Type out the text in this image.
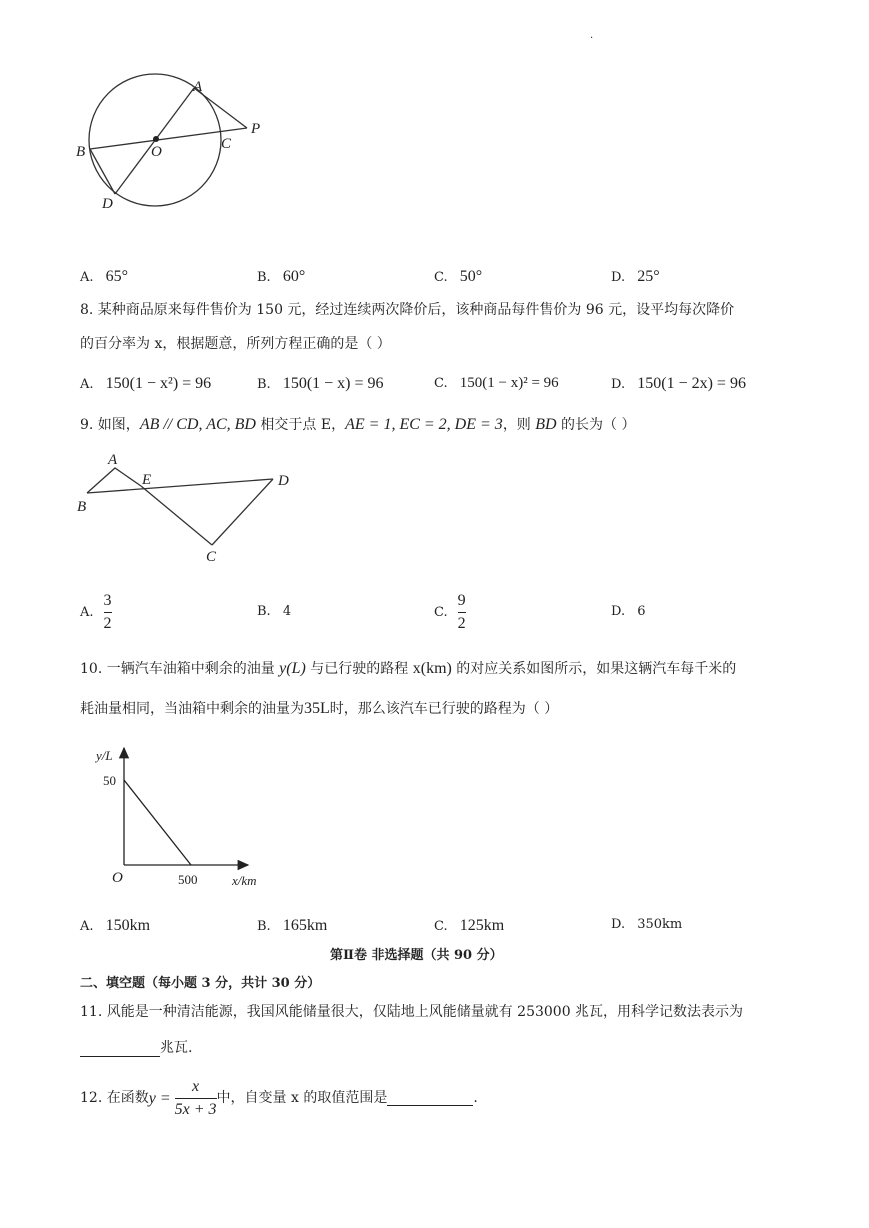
.
A
P
C
O
B
D
A. 65°	B. 60°	C. 50°	D. 25°
8. 某种商品原来每件售价为 150 元，经过连续两次降价后，该种商品每件售价为 96 元，设平均每次降价
的百分率为 x，根据题意，所列方程正确的是（ ）
A. 150(1 − x²) = 96	B. 150(1 − x) = 96	C. 150(1 − x)² = 96	D. 150(1 − 2x) = 96
9. 如图，AB // CD, AC, BD 相交于点 E，AE = 1, EC = 2, DE = 3，则 BD 的长为（ ）
A
E	D
B
C
A. $\frac{3}{2}$	B. 4	C. $\frac{9}{2}$	D. 6
10. 一辆汽车油箱中剩余的油量 y(L) 与已行驶的路程 x(km) 的对应关系如图所示，如果这辆汽车每千米的
耗油量相同，当油箱中剩余的油量为35L时，那么该汽车已行驶的路程为（ ）
y/L
50
O	500	x/km
A. 150km	B. 165km	C. 125km	D. 350km
第Ⅱ卷 非选择题（共 90 分）
二、填空题（每小题 3 分，共计 30 分）
11. 风能是一种清洁能源，我国风能储量很大，仅陆地上风能储量就有 253000 兆瓦，用科学记数法表示为
兆瓦.
12. 在函数 $y = \frac{x}{5x + 3}$ 中，自变量 x 的取值范围是	.
